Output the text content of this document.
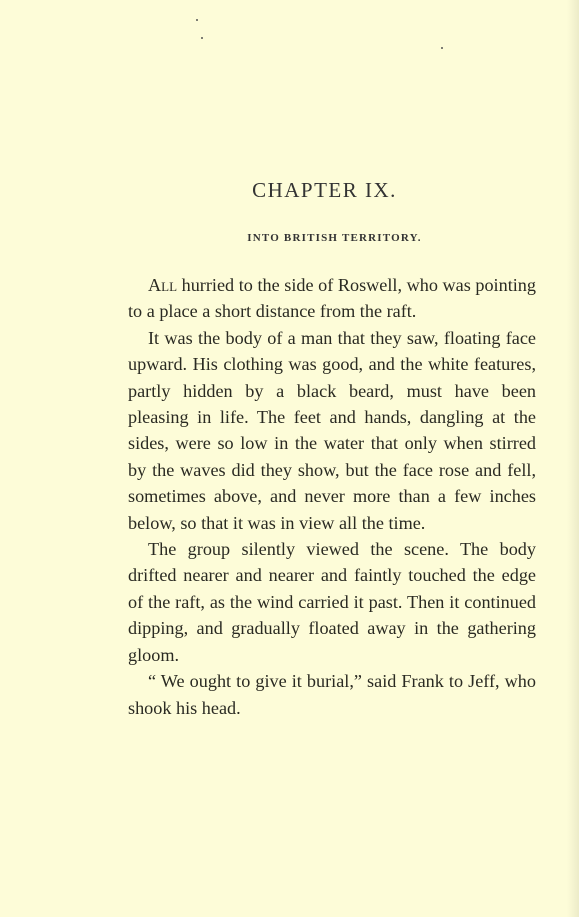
CHAPTER IX.
INTO BRITISH TERRITORY.

All hurried to the side of Roswell, who was pointing to a place a short distance from the raft.

It was the body of a man that they saw, floating face upward. His clothing was good, and the white features, partly hidden by a black beard, must have been pleasing in life. The feet and hands, dangling at the sides, were so low in the water that only when stirred by the waves did they show, but the face rose and fell, sometimes above, and never more than a few inches below, so that it was in view all the time.

The group silently viewed the scene. The body drifted nearer and nearer and faintly touched the edge of the raft, as the wind carried it past. Then it continued dipping, and gradually floated away in the gathering gloom.

“ We ought to give it burial,” said Frank to Jeff, who shook his head.
